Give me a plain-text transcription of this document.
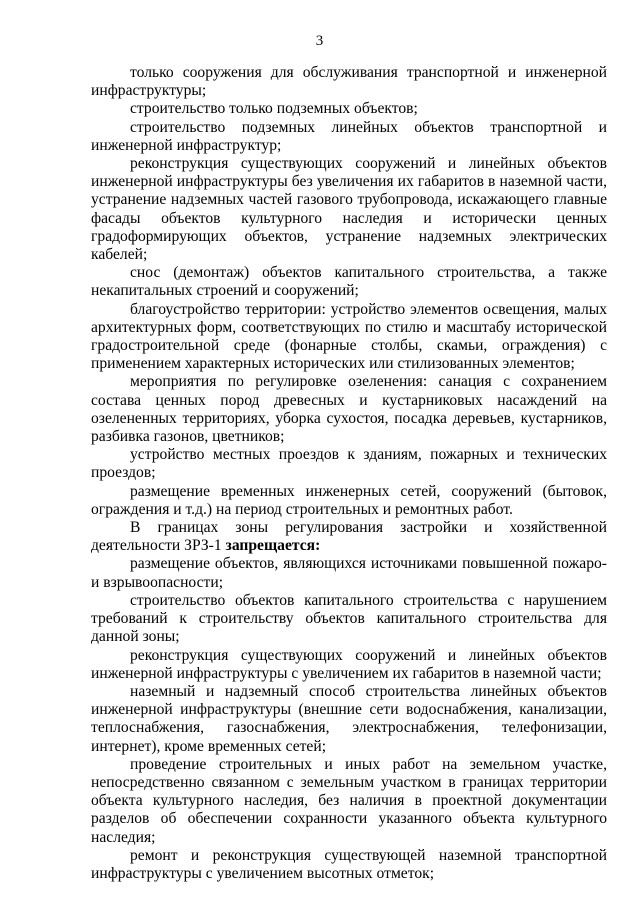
3

только сооружения для обслуживания транспортной и инженерной инфраструктуры;

строительство только подземных объектов;

строительство подземных линейных объектов транспортной и инженерной инфраструктур;

реконструкция существующих сооружений и линейных объектов инженерной инфраструктуры без увеличения их габаритов в наземной части, устранение надземных частей газового трубопровода, искажающего главные фасады объектов культурного наследия и исторически ценных градоформирующих объектов, устранение надземных электрических кабелей;

снос (демонтаж) объектов капитального строительства, а также некапитальных строений и сооружений;

благоустройство территории: устройство элементов освещения, малых архитектурных форм, соответствующих по стилю и масштабу исторической градостроительной среде (фонарные столбы, скамьи, ограждения) с применением характерных исторических или стилизованных элементов;

мероприятия по регулировке озеленения: санация с сохранением состава ценных пород древесных и кустарниковых насаждений на озелененных территориях, уборка сухостоя, посадка деревьев, кустарников, разбивка газонов, цветников;

устройство местных проездов к зданиям, пожарных и технических проездов;

размещение временных инженерных сетей, сооружений (бытовок, ограждения и т.д.) на период строительных и ремонтных работ.

В границах зоны регулирования застройки и хозяйственной деятельности ЗРЗ-1 запрещается:

размещение объектов, являющихся источниками повышенной пожаро- и взрывоопасности;

строительство объектов капитального строительства с нарушением требований к строительству объектов капитального строительства для данной зоны;

реконструкция существующих сооружений и линейных объектов инженерной инфраструктуры с увеличением их габаритов в наземной части;

наземный и надземный способ строительства линейных объектов инженерной инфраструктуры (внешние сети водоснабжения, канализации, теплоснабжения, газоснабжения, электроснабжения, телефонизации, интернет), кроме временных сетей;

проведение строительных и иных работ на земельном участке, непосредственно связанном с земельным участком в границах территории объекта культурного наследия, без наличия в проектной документации разделов об обеспечении сохранности указанного объекта культурного наследия;

ремонт и реконструкция существующей наземной транспортной инфраструктуры с увеличением высотных отметок;
